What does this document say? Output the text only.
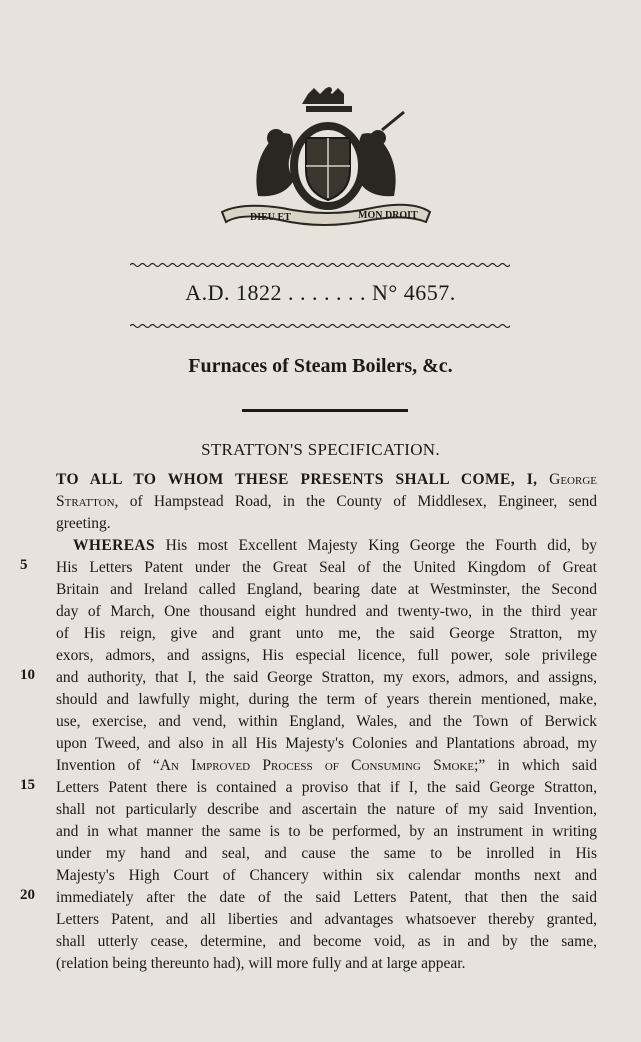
DIEU ET	MON DROIT
A.D. 1822 . . . . . . . N° 4657.
Furnaces of Steam Boilers, &c.
STRATTON'S SPECIFICATION.
5
10
15
20
TO ALL TO WHOM THESE PRESENTS SHALL COME, I, George
Stratton, of Hampstead Road, in the County of Middlesex, Engineer, send
greeting.
WHEREAS His most Excellent Majesty King George the Fourth did, by
His Letters Patent under the Great Seal of the United Kingdom of Great
Britain and Ireland called England, bearing date at Westminster, the Second
day of March, One thousand eight hundred and twenty-two, in the third year
of His reign, give and grant unto me, the said George Stratton, my
exors, admors, and assigns, His especial licence, full power, sole privilege
and authority, that I, the said George Stratton, my exors, admors, and assigns,
should and lawfully might, during the term of years therein mentioned, make,
use, exercise, and vend, within England, Wales, and the Town of Berwick
upon Tweed, and also in all His Majesty's Colonies and Plantations abroad, my
Invention of “An Improved Process of Consuming Smoke;” in which said
Letters Patent there is contained a proviso that if I, the said George Stratton,
shall not particularly describe and ascertain the nature of my said Invention,
and in what manner the same is to be performed, by an instrument in writing
under my hand and seal, and cause the same to be inrolled in His
Majesty's High Court of Chancery within six calendar months next and
immediately after the date of the said Letters Patent, that then the said
Letters Patent, and all liberties and advantages whatsoever thereby granted,
shall utterly cease, determine, and become void, as in and by the same,
(relation being thereunto had), will more fully and at large appear.
